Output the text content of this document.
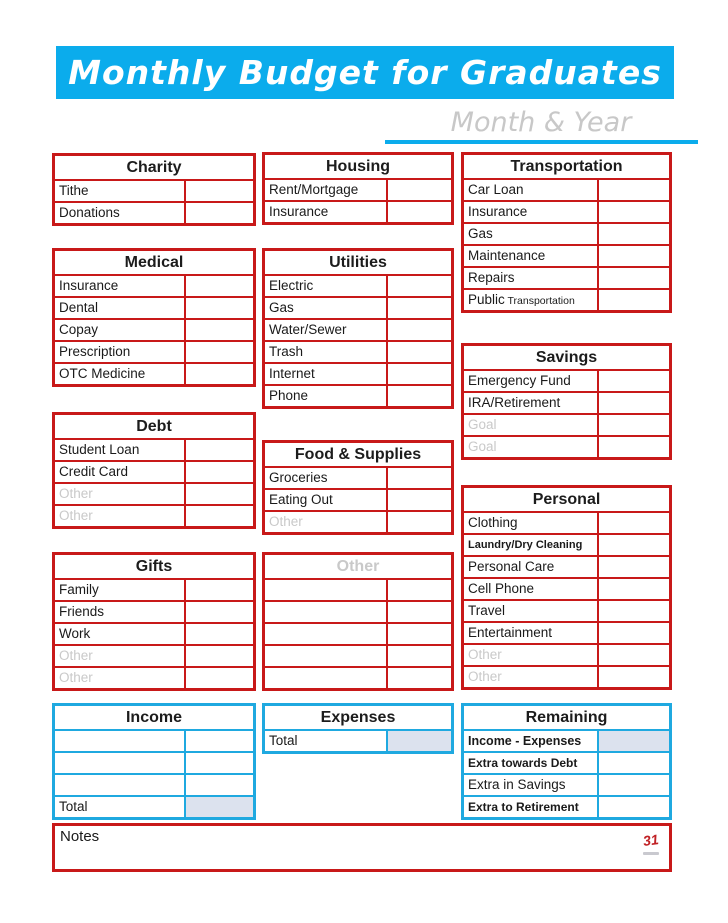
Monthly Budget for Graduates
Month & Year
Charity
Tithe
Donations
Medical
Insurance
Dental
Copay
Prescription
OTC Medicine
Debt
Student Loan
Credit Card
Other
Other
Gifts
Family
Friends
Work
Other
Other
Housing
Rent/Mortgage
Insurance
Utilities
Electric
Gas
Water/Sewer
Trash
Internet
Phone
Food & Supplies
Groceries
Eating Out
Other
Other
Transportation
Car Loan
Insurance
Gas
Maintenance
Repairs
Public Transportation
Savings
Emergency Fund
IRA/Retirement
Goal
Goal
Personal
Clothing
Laundry/Dry Cleaning
Personal Care
Cell Phone
Travel
Entertainment
Other
Other
Income
Total
Expenses
Total
Remaining
Income - Expenses
Extra towards Debt
Extra in Savings
Extra to Retirement
Notes	31
